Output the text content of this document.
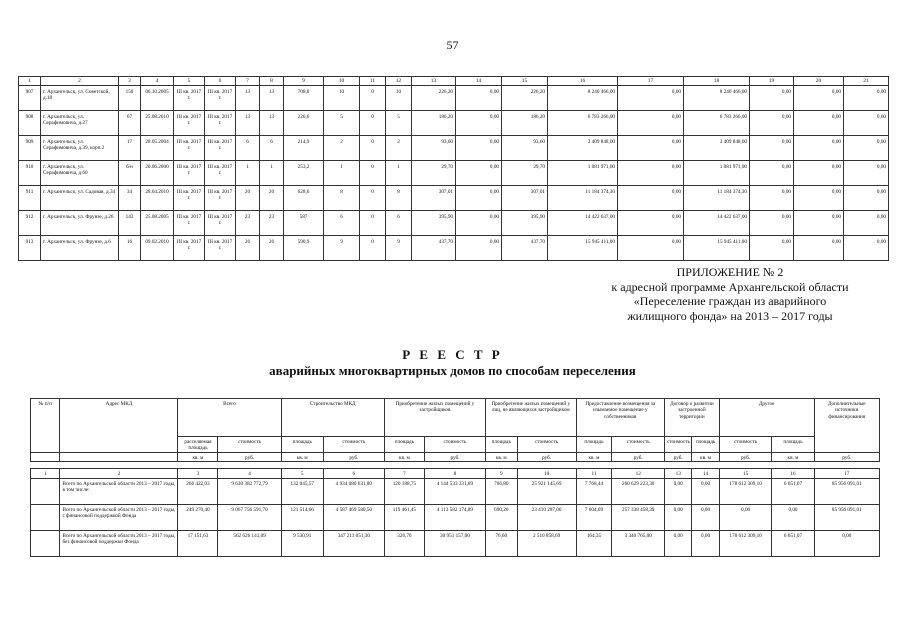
57
1	2	3	4	5	6	7	8	9	10	11	12	13	14	15	16	17	18	19	20	21
907	г. Архангельск, ул. Советской, д.18	150	06.10.2005	III кв. 2017 г.	III кв. 2017 г.	13	13	708,0	10	0	10	226,20	0,00	226,20	8 240 466,00	0,00	8 240 466,00	0,00	0,00	0,00
908	г. Архангельск, ул. Серафимовича, д.27	67	25.08.2010	III кв. 2017 г.	III кв. 2017 г.	13	13	226,6	5	0	5	186,20	0,00	186,20	6 783 266,00	0,00	6 783 266,00	0,00	0,00	0,00
909	г. Архангельск, ул. Серафимовича, д.39, корп.2	17	28.05.2004	III кв. 2017 г.	III кв. 2017 г.	6	6	214,9	2	0	2	93,60	0,00	93,60	3 409 848,00	0,00	3 409 848,00	0,00	0,00	0,00
910	г. Архангельск, ул. Серафимовича, д.60	б/н	20.06.2000	III кв. 2017 г.	III кв. 2017 г.	1	1	253,2	1	0	1	29,70	0,00	29,70	1 081 971,00	0,00	1 081 971,00	0,00	0,00	0,00
911	г. Архангельск, ул. Садовая, д.34	34	28.04.2010	III кв. 2017 г.	III кв. 2017 г.	20	20	628,6	8	0	8	307,01	0,00	307,01	11 184 374,30	0,00	11 184 374,30	0,00	0,00	0,00
912	г. Архангельск, ул. Фрунзе, д.26	143	25.08.2005	III кв. 2017 г.	III кв. 2017 г.	23	23	587	6	0	6	395,90	0,00	395,90	14 422 637,00	0,00	14 422 637,00	0,00	0,00	0,00
913	г. Архангельск, ул. Фрунзе, д.6	16	09.02.2010	III кв. 2017 г.	III кв. 2017 г.	26	26	590,9	9	0	9	437,70	0,00	437,70	15 945 411,00	0,00	15 945 411,00	0,00	0,00	0,00
ПРИЛОЖЕНИЕ № 2
к адресной программе Архангельской области
«Переселение граждан из аварийного
жилищного фонда» на 2013 – 2017 годы
Р Е Е С Т Р
аварийных многоквартирных домов по способам переселения
№ п/п	Адрес МКД	Всего		Строительство МКД		Приобретение жилых помещений у застройщиков		Приобретение жилых помещений у лиц, не являющихся застройщиком		Предоставление возмещения за изымаемое помещение у собственников		Договор о развитии застроенной территории		Другое		Дополнительные источники финансирования
		расселяемая площадь	стоимость	площадь	стоимость	площадь	стоимость	площадь	стоимость	площадь	стоимость	стоимость	площадь	стоимость	площадь	
		кв. м	руб.	кв. м	руб.	кв. м	руб.	кв. м	руб.	кв. м	руб.	руб.	кв. м	руб.	кв. м	руб.

1	2	3	4	5	6	7	8	9	10	11	12	13	14	15	16	17
	Всего по Архангельской области 2013 – 2017 годы, в том числе:	266 422,03	9 630 382 772,79	132 045,57	4 934 680 631,80	120 188,75	4 144 533 331,89	766,80	25 921 145,69	7 768,44	260 629 223,30	0,00	0,00	178 612 309,10	6 651,07	85 956 091,01
	Всего по Архангельской области 2013 – 2017 годы, с финансовой поддержкой Фонда	249 270,40	9 067 756 591,70	121 514,66	4 587 469 580,50	119 461,45	4 113 582 174,89	690,20	23 410 287,00	7 604,09	257 338 458,39	0,00	0,00	0,00	0,00	85 956 091,01
	Всего по Архангельской области 2013 – 2017 годы, без финансовой поддержки Фонда	17 151,63	562 626 141,09	9 530,91	347 211 051,30	326,70	30 951 157,00	76,60	2 510 858,69	164,35	3 340 765,00	0,00	0,00	178 612 309,10	6 651,07	0,00
